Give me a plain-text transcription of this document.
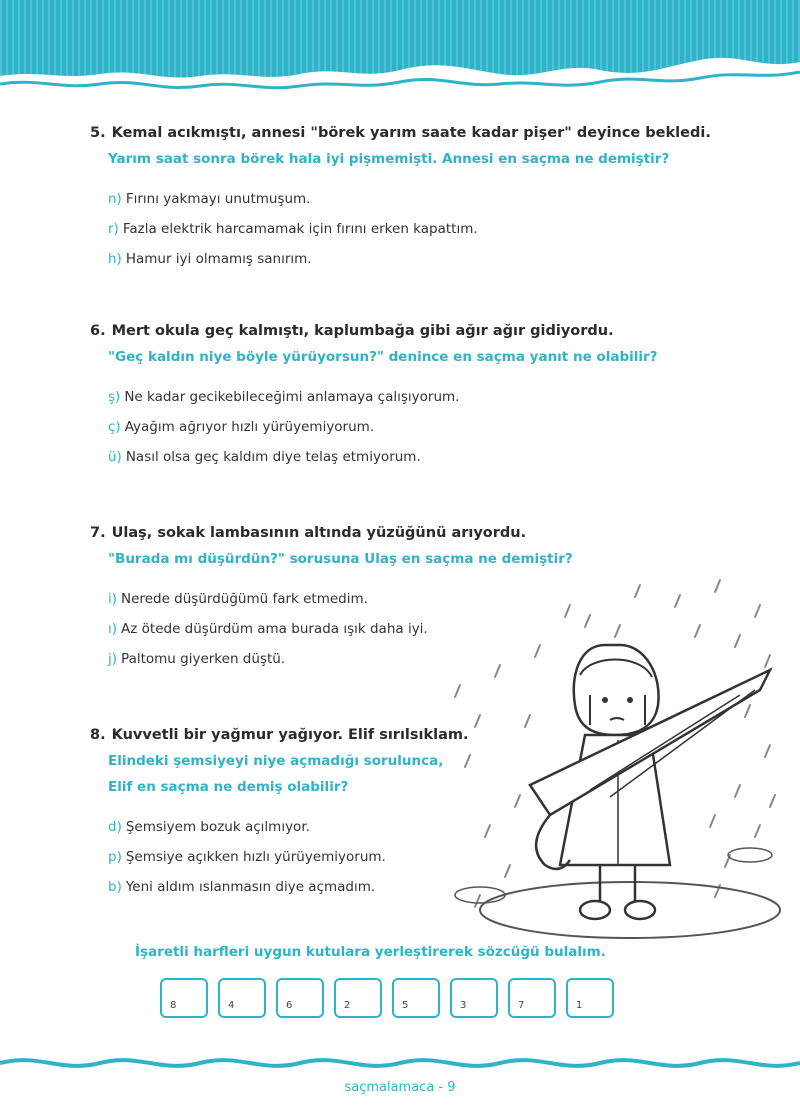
5. Kemal acıkmıştı, annesi "börek yarım saate kadar pişer" deyince bekledi.
Yarım saat sonra börek hala iyi pişmemişti. Annesi en saçma ne demiştir?
n) Fırını yakmayı unutmuşum.
r) Fazla elektrik harcamamak için fırını erken kapattım.
h) Hamur iyi olmamış sanırım.
6. Mert okula geç kalmıştı, kaplumbağa gibi ağır ağır gidiyordu.
"Geç kaldın niye böyle yürüyorsun?" denince en saçma yanıt ne olabilir?
ş) Ne kadar gecikebileceğimi anlamaya çalışıyorum.
ç) Ayağım ağrıyor hızlı yürüyemiyorum.
ü) Nasıl olsa geç kaldım diye telaş etmiyorum.
7. Ulaş, sokak lambasının altında yüzüğünü arıyordu.
"Burada mı düşürdün?" sorusuna Ulaş en saçma ne demiştir?
i) Nerede düşürdüğümü fark etmedim.
ı) Az ötede düşürdüm ama burada ışık daha iyi.
j) Paltomu giyerken düştü.
8. Kuvvetli bir yağmur yağıyor. Elif sırılsıklam.
Elindeki şemsiyeyi niye açmadığı sorulunca,
Elif en saçma ne demiş olabilir?
d) Şemsiyem bozuk açılmıyor.
p) Şemsiye açıkken hızlı yürüyemiyorum.
b) Yeni aldım ıslanmasın diye açmadım.
İşaretli harfleri uygun kutulara yerleştirerek sözcüğü bulalım.
8	4	6	2	5	3	7	1
saçmalamaca - 9
